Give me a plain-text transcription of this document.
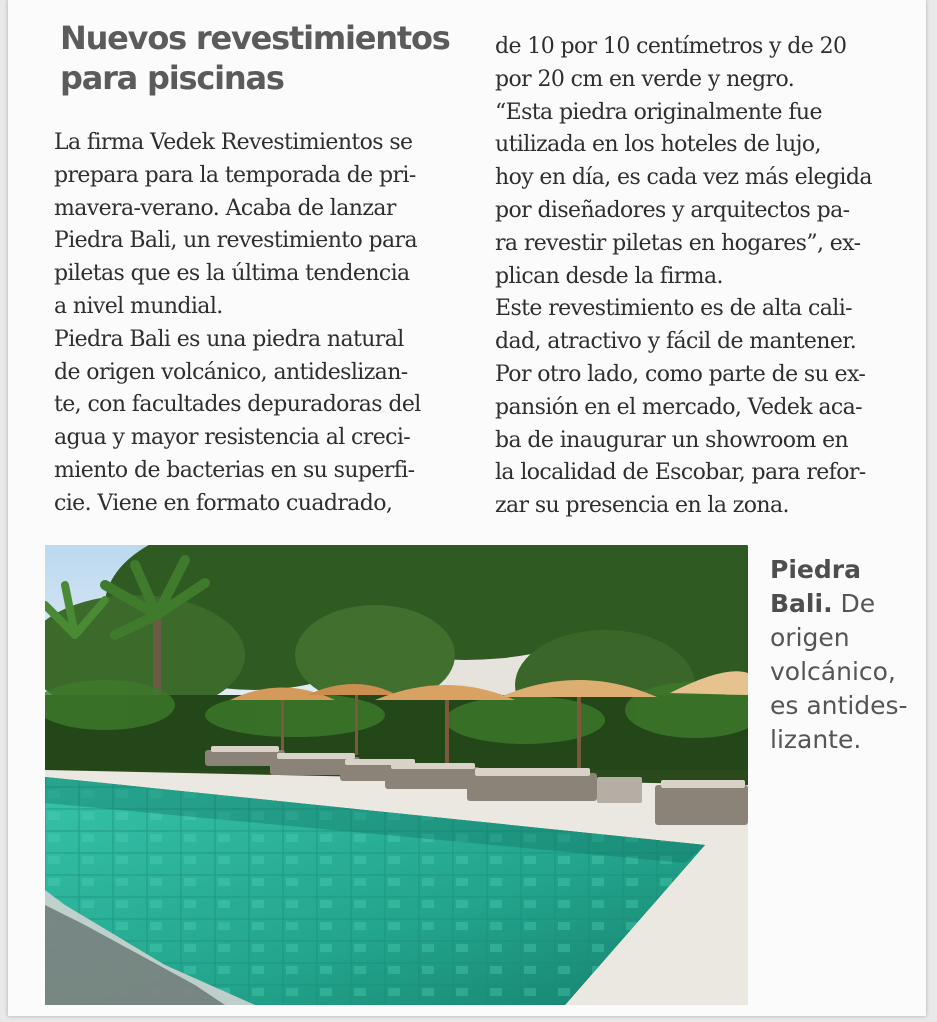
Nuevos revestimientos
para piscinas

La firma Vedek Revestimientos se
prepara para la temporada de pri-
mavera-verano. Acaba de lanzar
Piedra Bali, un revestimiento para
piletas que es la última tendencia
a nivel mundial.
Piedra Bali es una piedra natural
de origen volcánico, antideslizan-
te, con facultades depuradoras del
agua y mayor resistencia al creci-
miento de bacterias en su superfi-
cie. Viene en formato cuadrado,

de 10 por 10 centímetros y de 20
por 20 cm en verde y negro.
“Esta piedra originalmente fue
utilizada en los hoteles de lujo,
hoy en día, es cada vez más elegida
por diseñadores y arquitectos pa-
ra revestir piletas en hogares”, ex-
plican desde la firma.
Este revestimiento es de alta cali-
dad, atractivo y fácil de mantener.
Por otro lado, como parte de su ex-
pansión en el mercado, Vedek aca-
ba de inaugurar un showroom en
la localidad de Escobar, para refor-
zar su presencia en la zona.

Piedra
Bali. De
origen
volcánico,
es antides-
lizante.
